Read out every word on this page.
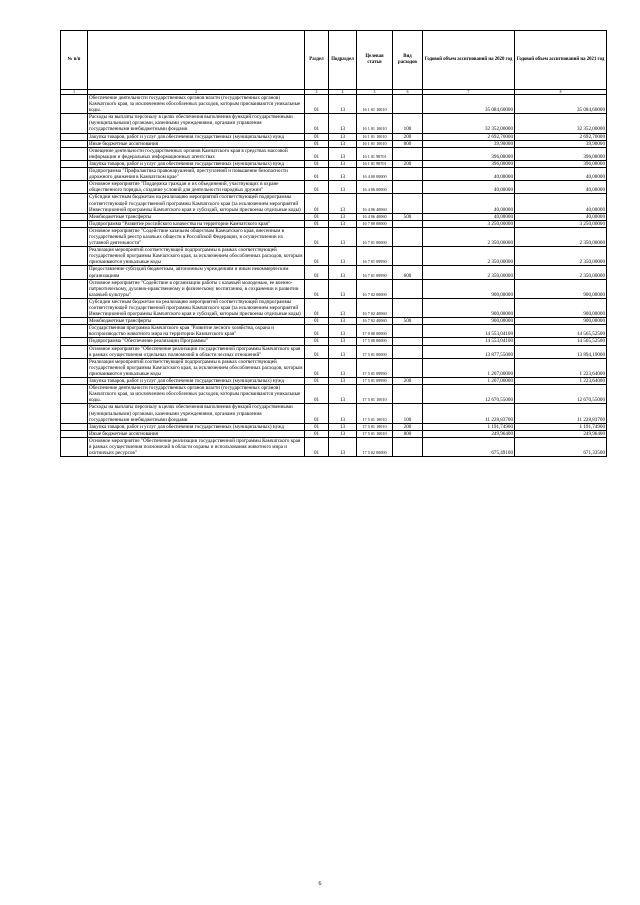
№ п/п		Раздел	Подраздел	Целевая статья	Вид расходов	Годовой объем ассигнований на 2020 год	Годовой объем ассигнований на 2021 год
1	2	3	4	5	6	7	8
	Обеспечение деятельности государственных органов власти (государственных органов) Камчатского края, за исключением обособленных расходов, которым присваиваются уникальные коды.	01	13	16 1 01 10010		35 084,60000	35 084,60000
	Расходы на выплаты персоналу в целях обеспечения выполнения функций государственными (муниципальными) органами, казенными учреждениями, органами управления государственными внебюджетными фондами	01	13	16 1 01 10010	100	32 352,00000	32 352,00000
	Закупка товаров, работ и услуг для обеспечения государственных (муниципальных) нужд	01	13	16 1 01 10010	200	2 692,70000	2 692,70000
	Иные бюджетные ассигнования	01	13	16 1 01 10010	800	39,90000	39,90000
	Освещение деятельности государственных органов Камчатского края в средствах массовой информации и федеральных информационных агентствах	01	13	16 1 01 98701		396,00000	396,00000
	Закупка товаров, работ и услуг для обеспечения государственных (муниципальных) нужд	01	13	16 1 01 98701	200	396,00000	396,00000
	Подпрограмма "Профилактика правонарушений, преступлений и повышение безопасности дорожного движения в Камчатском крае"	01	13	16 4 00 00000		40,00000	40,00000
	Основное мероприятие "Поддержка граждан и их объединений, участвующих в охране общественного порядка, создание условий для деятельности народных дружин"	01	13	16 4 06 00000		40,00000	40,00000
	Субсидии местным бюджетам на реализацию мероприятий соответствующей подпрограммы соответствующей государственной программы Камчатского края (за исключением мероприятий Инвестиционной программы Камчатского края и субсидий, которым присвоены отдельные коды)	01	13	16 4 06 40060		40,00000	40,00000
	Межбюджетные трансферты	01	13	16 4 06 40060	500	40,00000	40,00000
	Подпрограмма "Развитие российского казачества на территории Камчатского края"	01	13	16 7 00 00000		3 250,00000	3 250,00000
	Основное мероприятие "Содействие казачьим обществам Камчатского края, внесенным в государственный реестр казачьих обществ в Российской Федерации, в осуществлении их уставной деятельности"	01	13	16 7 01 00000		2 350,00000	2 350,00000
	Реализация мероприятий соответствующей подпрограммы в рамках соответствующей государственной программы Камчатского края, за исключением обособленных расходов, которым присваиваются уникальные коды	01	13	16 7 01 09990		2 350,00000	2 350,00000
	Предоставление субсидий бюджетным, автономным учреждениям и иным некоммерческим организациям	01	13	16 7 01 09990	600	2 350,00000	2 350,00000
	Основное мероприятие "Содействие в организации работы с казачьей молодежью, ее военно-патриотическому, духовно-нравственному и физическому воспитанию, в сохранении и развитии казачьей культуры"	01	13	16 7 02 00000		900,00000	900,00000
	Субсидии местным бюджетам на реализацию мероприятий соответствующей подпрограммы соответствующей государственной программы Камчатского края (за исключением мероприятий Инвестиционной программы Камчатского края и субсидий, которым присвоены отдельные коды)	01	13	16 7 02 40060		900,00000	900,00000
	Межбюджетные трансферты	01	13	16 7 02 40060	500	900,00000	900,00000
	Государственная программа Камчатского края "Развитие лесного хозяйства, охрана и воспроизводство животного мира на территории Камчатского края"	01	13	17 0 00 00000		14 553,04100	14 565,52500
	Подпрограмма "Обеспечение реализации Программы"	01	13	17 5 00 00000		14 553,04100	14 565,52500
	Основное мероприятие "Обеспечение реализации государственной программы Камчатского края в рамках осуществления отдельных полномочий в области лесных отношений"	01	13	17 5 01 00000		13 877,55000	13 894,19000
	Реализация мероприятий соответствующей подпрограммы в рамках соответствующей государственной программы Камчатского края, за исключением обособленных расходов, которым присваиваются уникальные коды	01	13	17 5 01 09990		1 207,00000	1 223,64000
	Закупка товаров, работ и услуг для обеспечения государственных (муниципальных) нужд	01	13	17 5 01 09990	200	1 207,00000	1 223,64000
	Обеспечение деятельности государственных органов власти (государственных органов) Камчатского края, за исключением обособленных расходов, которым присваиваются уникальные коды.	01	13	17 5 01 10010		12 670,55000	12 670,55000
	Расходы на выплаты персоналу в целях обеспечения выполнения функций государственными (муниципальными) органами, казенными учреждениями, органами управления государственными внебюджетными фондами	01	13	17 5 01 10010	100	11 228,83700	11 228,83700
	Закупка товаров, работ и услуг для обеспечения государственных (муниципальных) нужд	01	13	17 5 01 10010	200	1 191,74900	1 191,74900
	Иные бюджетные ассигнования	01	13	17 5 01 10010	800	249,96400	249,96400
	Основное мероприятие "Обеспечение реализации государственной программы Камчатского края в рамках осуществления полномочий в области охраны и использования животного мира и охотничьих ресурсов"	01	13	17 5 02 00000		675,49100	671,33500
6
